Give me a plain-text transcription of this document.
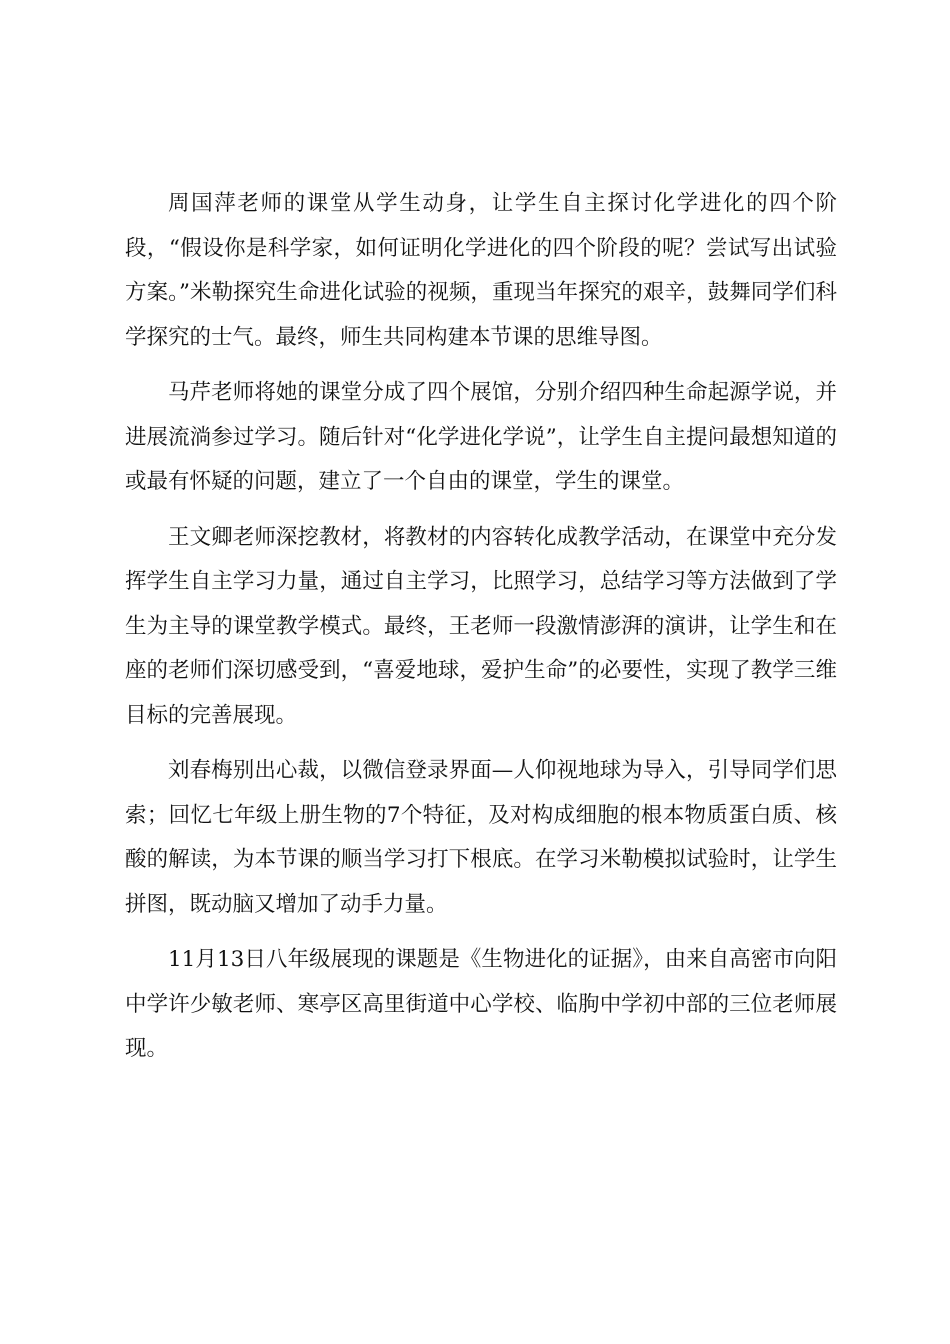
周国萍老师的课堂从学生动身，让学生自主探讨化学进化的四个阶段，“假设你是科学家，如何证明化学进化的四个阶段的呢？尝试写出试验方案。”米勒探究生命进化试验的视频，重现当年探究的艰辛，鼓舞同学们科学探究的士气。最终，师生共同构建本节课的思维导图。

马芹老师将她的课堂分成了四个展馆，分别介绍四种生命起源学说，并进展流淌参过学习。随后针对“化学进化学说”，让学生自主提问最想知道的或最有怀疑的问题，建立了一个自由的课堂，学生的课堂。

王文卿老师深挖教材，将教材的内容转化成教学活动，在课堂中充分发挥学生自主学习力量，通过自主学习，比照学习，总结学习等方法做到了学生为主导的课堂教学模式。最终，王老师一段激情澎湃的演讲，让学生和在座的老师们深切感受到，“喜爱地球，爱护生命”的必要性，实现了教学三维目标的完善展现。

刘春梅别出心裁，以微信登录界面—人仰视地球为导入，引导同学们思索；回忆七年级上册生物的7个特征，及对构成细胞的根本物质蛋白质、核酸的解读，为本节课的顺当学习打下根底。在学习米勒模拟试验时，让学生拼图，既动脑又增加了动手力量。

11月13日八年级展现的课题是《生物进化的证据》，由来自高密市向阳中学许少敏老师、寒亭区高里街道中心学校、临朐中学初中部的三位老师展现。
